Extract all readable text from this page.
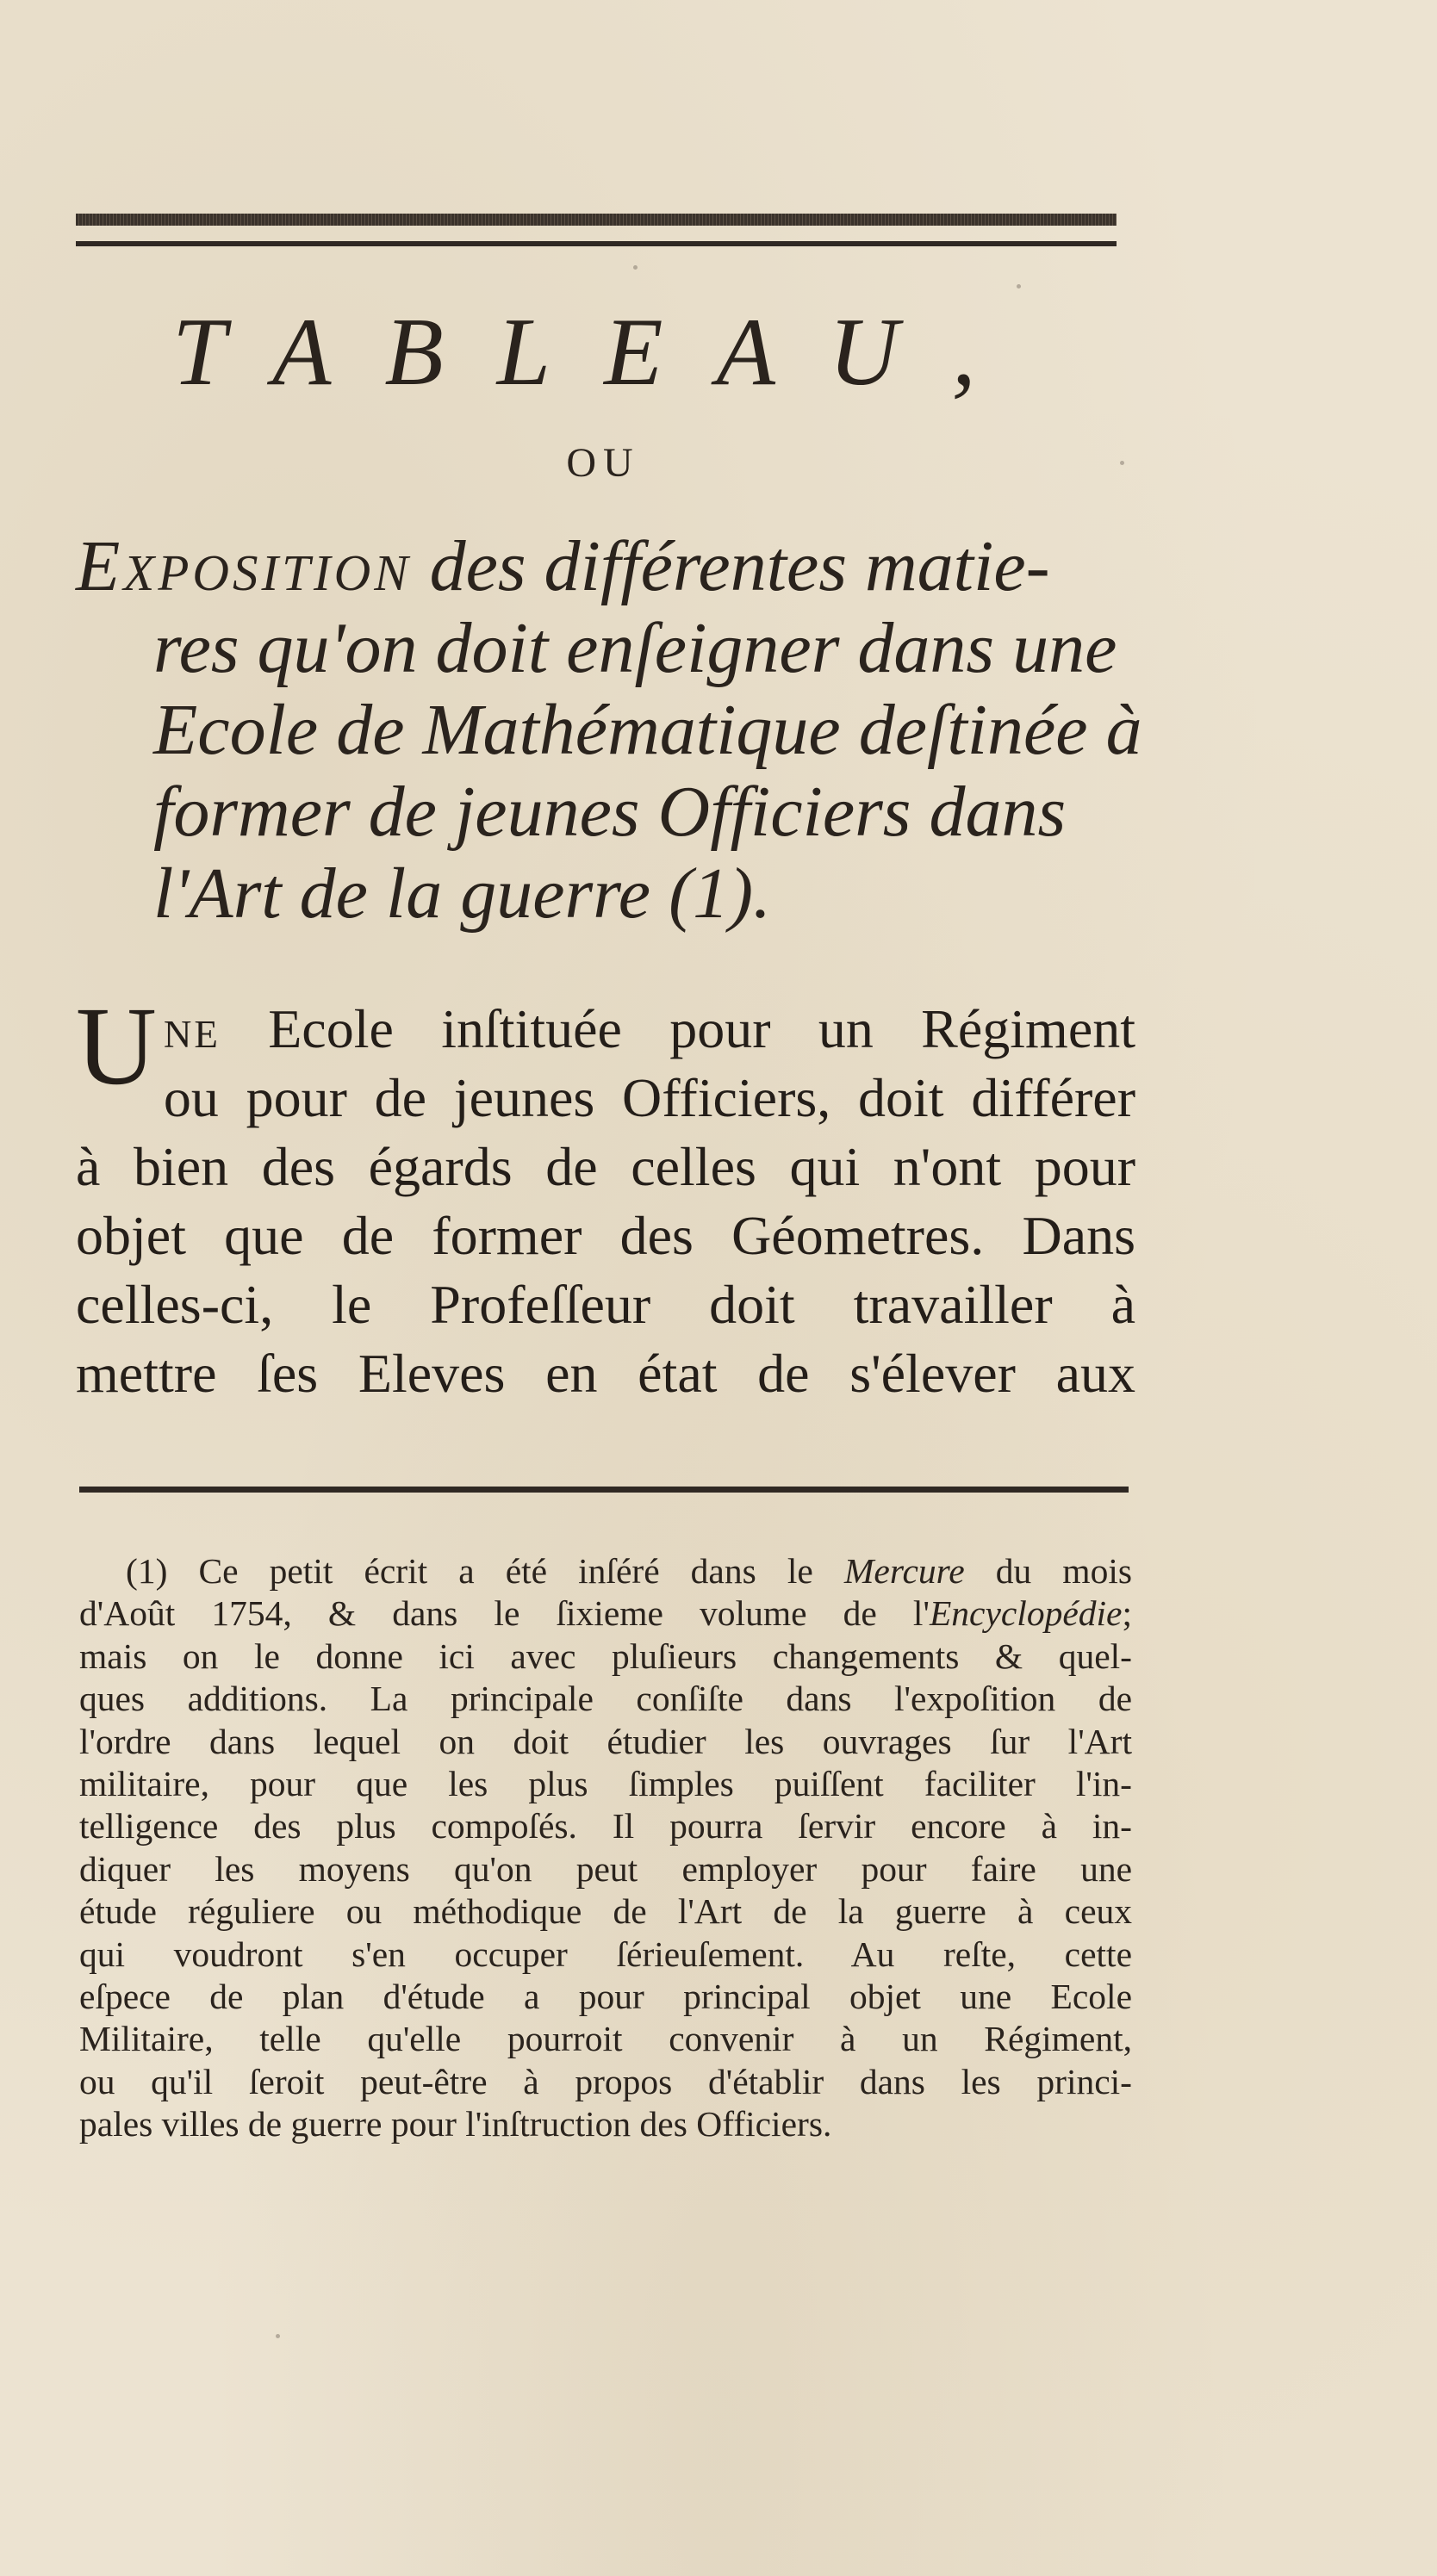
TABLEAU,
OU
Exposition des différentes matie-
res qu'on doit enſeigner dans une
Ecole de Mathématique deſtinée à
former de jeunes Officiers dans
l'Art de la guerre (1).
U ne Ecole inſtituée pour un Régiment
ou pour de jeunes Officiers, doit différer
à bien des égards de celles qui n'ont pour
objet que de former des Géometres. Dans
celles-ci, le Profeſſeur doit travailler à
mettre ſes Eleves en état de s'élever aux
(1) Ce petit écrit a été inſéré dans le Mercure du mois
d'Août 1754, & dans le ſixieme volume de l'Encyclopédie;
mais on le donne ici avec pluſieurs changements & quel-
ques additions. La principale conſiſte dans l'expoſition de
l'ordre dans lequel on doit étudier les ouvrages ſur l'Art
militaire, pour que les plus ſimples puiſſent faciliter l'in-
telligence des plus compoſés. Il pourra ſervir encore à in-
diquer les moyens qu'on peut employer pour faire une
étude réguliere ou méthodique de l'Art de la guerre à ceux
qui voudront s'en occuper ſérieuſement. Au reſte, cette
eſpece de plan d'étude a pour principal objet une Ecole
Militaire, telle qu'elle pourroit convenir à un Régiment,
ou qu'il ſeroit peut-être à propos d'établir dans les princi-
pales villes de guerre pour l'inſtruction des Officiers.
